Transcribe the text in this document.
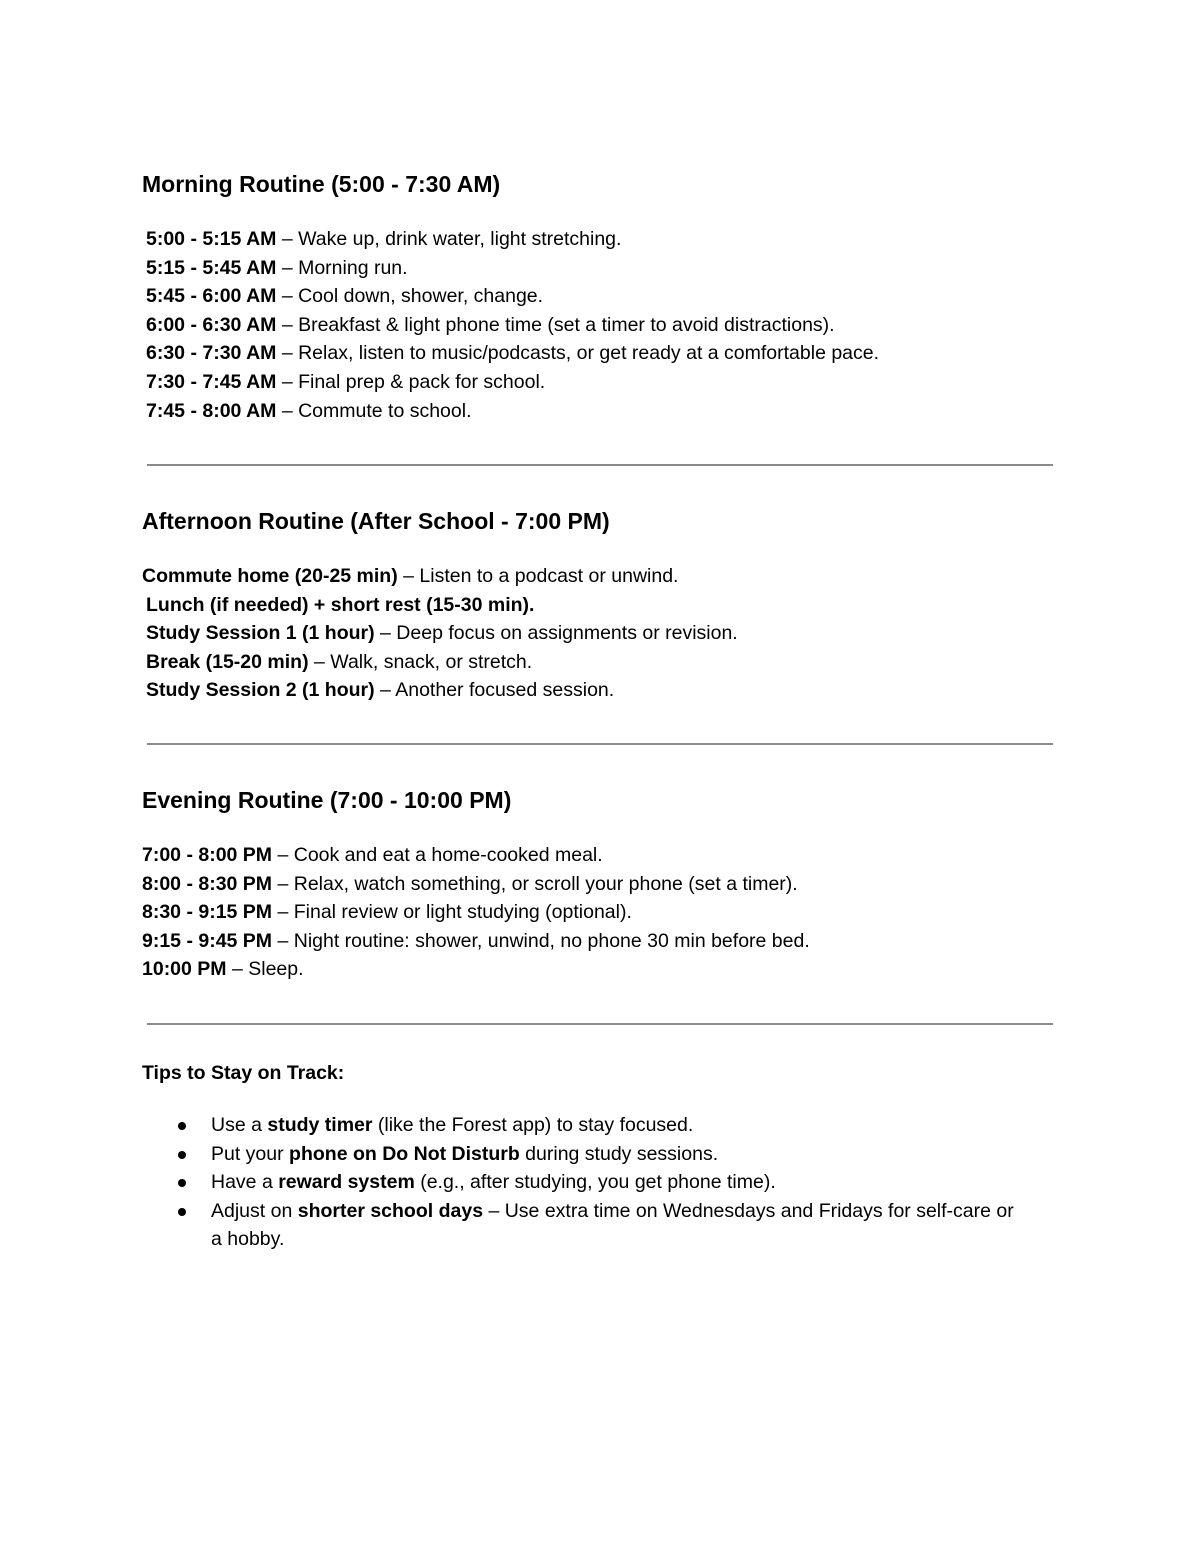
Morning Routine (5:00 - 7:30 AM)
5:00 - 5:15 AM – Wake up, drink water, light stretching.
5:15 - 5:45 AM – Morning run.
5:45 - 6:00 AM – Cool down, shower, change.
6:00 - 6:30 AM – Breakfast & light phone time (set a timer to avoid distractions).
6:30 - 7:30 AM – Relax, listen to music/podcasts, or get ready at a comfortable pace.
7:30 - 7:45 AM – Final prep & pack for school.
7:45 - 8:00 AM – Commute to school.
Afternoon Routine (After School - 7:00 PM)
Commute home (20-25 min) – Listen to a podcast or unwind.
Lunch (if needed) + short rest (15-30 min).
Study Session 1 (1 hour) – Deep focus on assignments or revision.
Break (15-20 min) – Walk, snack, or stretch.
Study Session 2 (1 hour) – Another focused session.
Evening Routine (7:00 - 10:00 PM)
7:00 - 8:00 PM – Cook and eat a home-cooked meal.
8:00 - 8:30 PM – Relax, watch something, or scroll your phone (set a timer).
8:30 - 9:15 PM – Final review or light studying (optional).
9:15 - 9:45 PM – Night routine: shower, unwind, no phone 30 min before bed.
10:00 PM – Sleep.
Tips to Stay on Track:
Use a study timer (like the Forest app) to stay focused.
Put your phone on Do Not Disturb during study sessions.
Have a reward system (e.g., after studying, you get phone time).
Adjust on shorter school days – Use extra time on Wednesdays and Fridays for self-care or a hobby.
